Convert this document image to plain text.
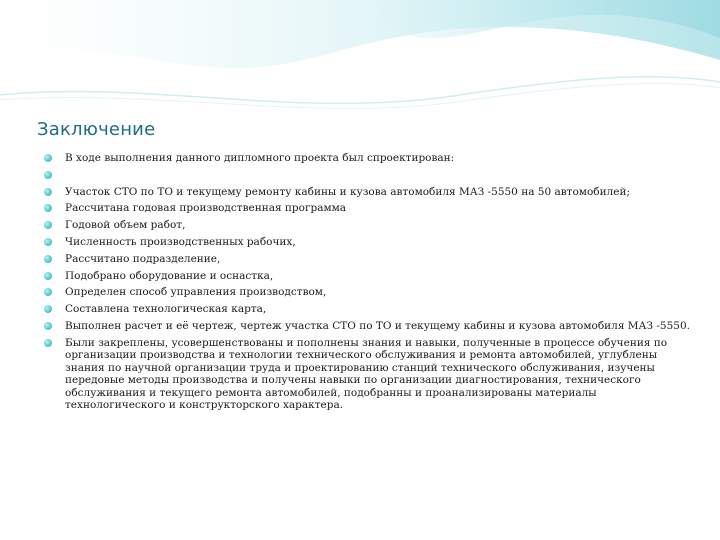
Заключение
В ходе выполнения данного дипломного проекта был спроектирован:
Участок СТО по ТО и текущему ремонту кабины и кузова автомобиля МАЗ -5550 на 50 автомобилей;
Рассчитана годовая производственная программа
Годовой объем работ,
Численность производственных рабочих,
Рассчитано подразделение,
Подобрано оборудование и оснастка,
Определен способ управления производством,
Составлена технологическая карта,
Выполнен расчет и её чертеж, чертеж участка СТО по ТО и текущему кабины и кузова автомобиля МАЗ -5550.
Были закреплены, усовершенствованы и пополнены знания и навыки, полученные в процессе обучения по организации производства и технологии технического обслуживания и ремонта автомобилей, углублены знания по научной организации труда и проектированию станций технического обслуживания, изучены передовые методы производства и получены навыки по организации диагностирования, технического обслуживания и текущего ремонта автомобилей, подобранны и проанализированы материалы технологического и конструкторского характера.
